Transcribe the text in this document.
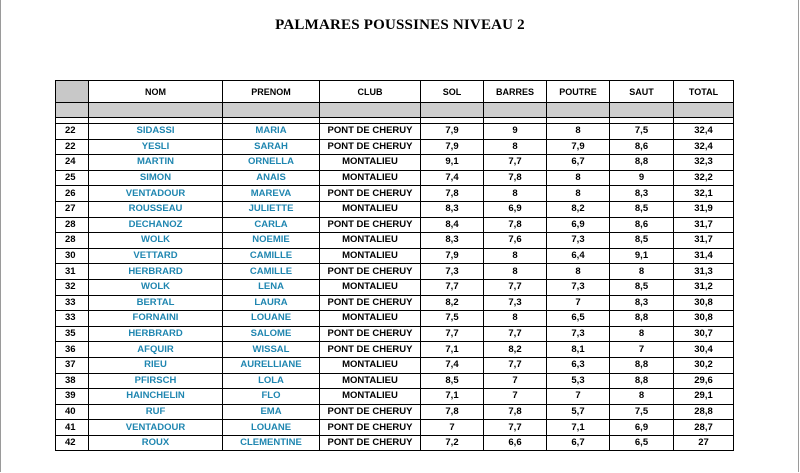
PALMARES POUSSINES NIVEAU 2
	NOM	PRENOM	CLUB	SOL	BARRES	POUTRE	SAUT	TOTAL

22	SIDASSI	MARIA	PONT DE CHERUY	7,9	9	8	7,5	32,4
22	YESLI	SARAH	PONT DE CHERUY	7,9	8	7,9	8,6	32,4
24	MARTIN	ORNELLA	MONTALIEU	9,1	7,7	6,7	8,8	32,3
25	SIMON	ANAIS	MONTALIEU	7,4	7,8	8	9	32,2
26	VENTADOUR	MAREVA	PONT DE CHERUY	7,8	8	8	8,3	32,1
27	ROUSSEAU	JULIETTE	MONTALIEU	8,3	6,9	8,2	8,5	31,9
28	DECHANOZ	CARLA	PONT DE CHERUY	8,4	7,8	6,9	8,6	31,7
28	WOLK	NOEMIE	MONTALIEU	8,3	7,6	7,3	8,5	31,7
30	VETTARD	CAMILLE	MONTALIEU	7,9	8	6,4	9,1	31,4
31	HERBRARD	CAMILLE	PONT DE CHERUY	7,3	8	8	8	31,3
32	WOLK	LENA	MONTALIEU	7,7	7,7	7,3	8,5	31,2
33	BERTAL	LAURA	PONT DE CHERUY	8,2	7,3	7	8,3	30,8
33	FORNAINI	LOUANE	MONTALIEU	7,5	8	6,5	8,8	30,8
35	HERBRARD	SALOME	PONT DE CHERUY	7,7	7,7	7,3	8	30,7
36	AFQUIR	WISSAL	PONT DE CHERUY	7,1	8,2	8,1	7	30,4
37	RIEU	AURELLIANE	MONTALIEU	7,4	7,7	6,3	8,8	30,2
38	PFIRSCH	LOLA	MONTALIEU	8,5	7	5,3	8,8	29,6
39	HAINCHELIN	FLO	MONTALIEU	7,1	7	7	8	29,1
40	RUF	EMA	PONT DE CHERUY	7,8	7,8	5,7	7,5	28,8
41	VENTADOUR	LOUANE	PONT DE CHERUY	7	7,7	7,1	6,9	28,7
42	ROUX	CLEMENTINE	PONT DE CHERUY	7,2	6,6	6,7	6,5	27
